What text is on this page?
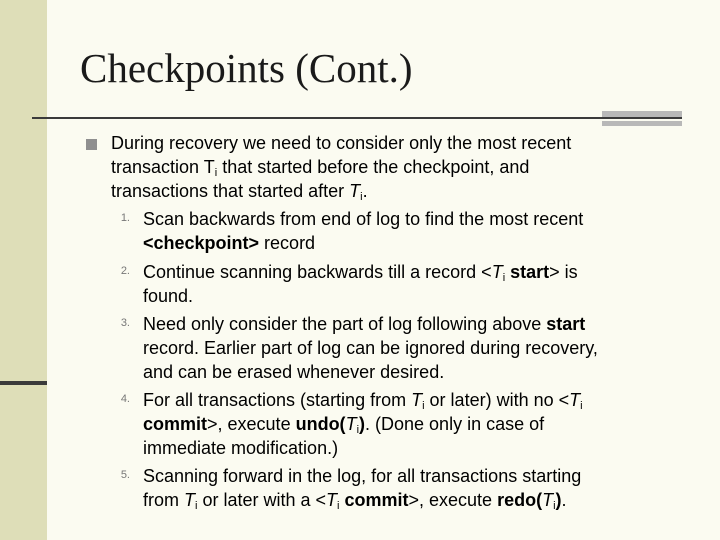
Checkpoints (Cont.)
During recovery we need to consider only the most recent
transaction $T_i$ that started before the checkpoint, and
transactions that started after $T_i$.
1. Scan backwards from end of log to find the most recent
<checkpoint> record
2. Continue scanning backwards till a record $<T_i$ start> is
found.
3. Need only consider the part of log following above start
record. Earlier part of log can be ignored during recovery,
and can be erased whenever desired.
4. For all transactions (starting from $T_i$ or later) with no $<T_i$
commit>, execute $undo(T_i)$. (Done only in case of
immediate modification.)
5. Scanning forward in the log, for all transactions starting
from $T_i$ or later with $a <T_i$ commit>, execute $redo(T_i)$.
